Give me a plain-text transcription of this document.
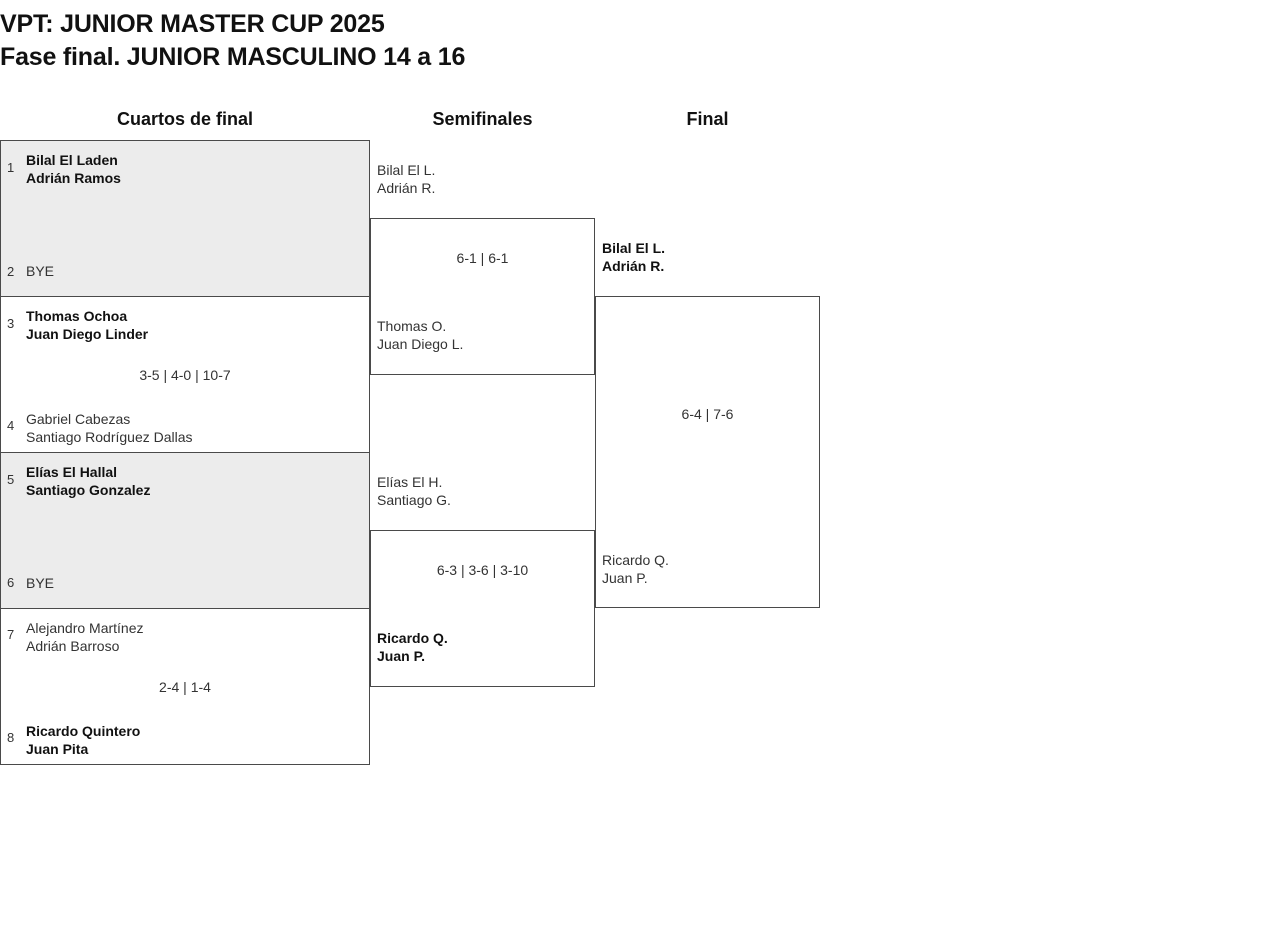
VPT: JUNIOR MASTER CUP 2025
Fase final. JUNIOR MASCULINO 14 a 16
Cuartos de final	Semifinales	Final
1 Bilal El Laden
Adrián Ramos
2 BYE
3 Thomas Ochoa
Juan Diego Linder
4 Gabriel Cabezas
Santiago Rodríguez Dallas
3-5 | 4-0 | 10-7
5 Elías El Hallal
Santiago Gonzalez
6 BYE
7 Alejandro Martínez
Adrián Barroso
8 Ricardo Quintero
Juan Pita
2-4 | 1-4
Bilal El L.
Adrián R.
Thomas O.
Juan Diego L.
6-1 | 6-1
Elías El H.
Santiago G.
Ricardo Q.
Juan P.
6-3 | 3-6 | 3-10
Bilal El L.
Adrián R.
Ricardo Q.
Juan P.
6-4 | 7-6
